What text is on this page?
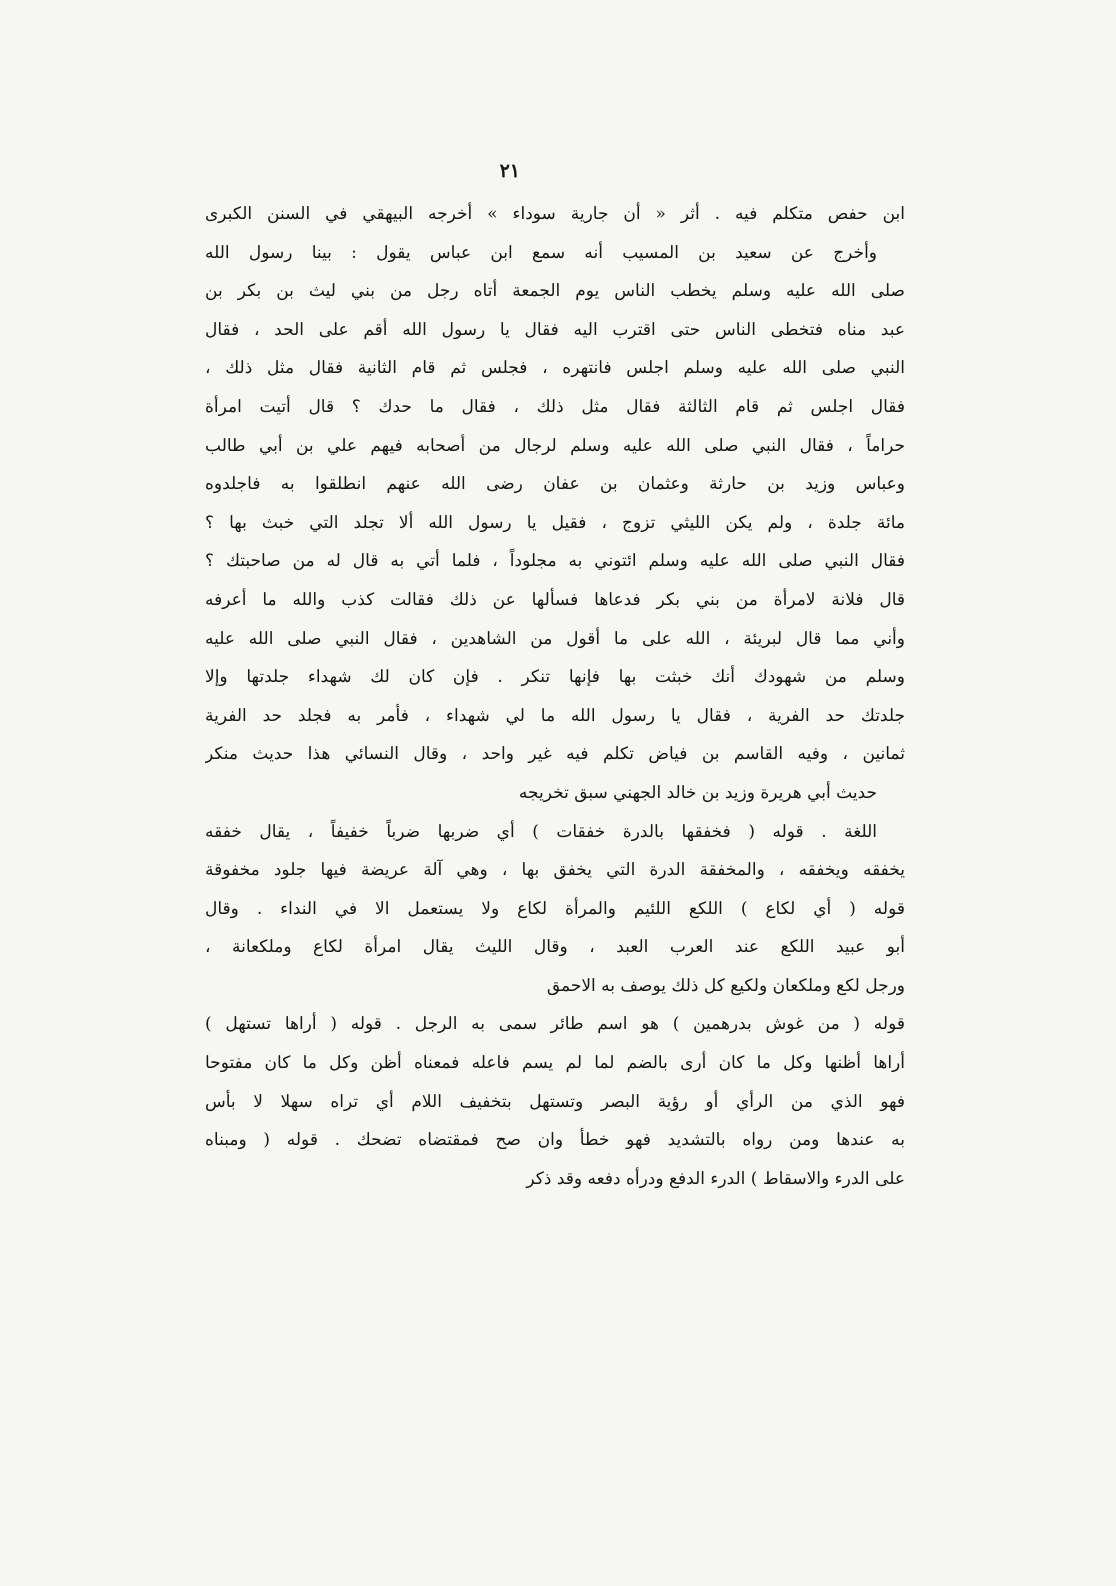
٢١
ابن حفص متكلم فيه . أثر « أن جارية سوداء » أخرجه البيهقي في السنن الكبرى
وأخرج عن سعيد بن المسيب أنه سمع ابن عباس يقول : بينا رسول الله
صلى الله عليه وسلم يخطب الناس يوم الجمعة أتاه رجل من بني ليث بن بكر بن
عبد مناه فتخطى الناس حتى اقترب اليه فقال يا رسول الله أقم على الحد ، فقال
النبي صلى الله عليه وسلم اجلس فانتهره ، فجلس ثم قام الثانية فقال مثل ذلك ،
فقال اجلس ثم قام الثالثة فقال مثل ذلك ، فقال ما حدك ؟ قال أتيت امرأة
حراماً ، فقال النبي صلى الله عليه وسلم لرجال من أصحابه فيهم علي بن أبي طالب
وعباس وزيد بن حارثة وعثمان بن عفان رضى الله عنهم انطلقوا به فاجلدوه
مائة جلدة ، ولم يكن الليثي تزوج ، فقيل يا رسول الله ألا تجلد التي خبث بها ؟
فقال النبي صلى الله عليه وسلم ائتوني به مجلوداً ، فلما أتي به قال له من صاحبتك ؟
قال فلانة لامرأة من بني بكر فدعاها فسألها عن ذلك فقالت كذب والله ما أعرفه
وأني مما قال لبريئة ، الله على ما أقول من الشاهدين ، فقال النبي صلى الله عليه
وسلم من شهودك أنك خبثت بها فإنها تنكر . فإن كان لك شهداء جلدتها وإلا
جلدتك حد الفرية ، فقال يا رسول الله ما لي شهداء ، فأمر به فجلد حد الفرية
ثمانين ، وفيه القاسم بن فياض تكلم فيه غير واحد ، وقال النسائي هذا حديث منكر
حديث أبي هريرة وزيد بن خالد الجهني سبق تخريجه
اللغة . قوله ( فخفقها بالدرة خفقات ) أي ضربها ضرباً خفيفاً ، يقال خفقه
يخفقه ويخفقه ، والمخفقة الدرة التي يخفق بها ، وهي آلة عريضة فيها جلود مخفوقة
قوله ( أي لكاع ) اللكع اللئيم والمرأة لكاع ولا يستعمل الا في النداء . وقال
أبو عبيد اللكع عند العرب العبد ، وقال الليث يقال امرأة لكاع وملكعانة ،
ورجل لكع وملكعان ولكيع كل ذلك يوصف به الاحمق
قوله ( من غوش بدرهمين ) هو اسم طائر سمى به الرجل . قوله ( أراها تستهل )
أراها أظنها وكل ما كان أرى بالضم لما لم يسم فاعله فمعناه أظن وكل ما كان مفتوحا
فهو الذي من الرأي أو رؤية البصر وتستهل بتخفيف اللام أي تراه سهلا لا بأس
به عندها ومن رواه بالتشديد فهو خطأ وان صح فمقتضاه تضحك . قوله ( ومبناه
على الدرء والاسقاط ) الدرء الدفع ودرأه دفعه وقد ذكر
